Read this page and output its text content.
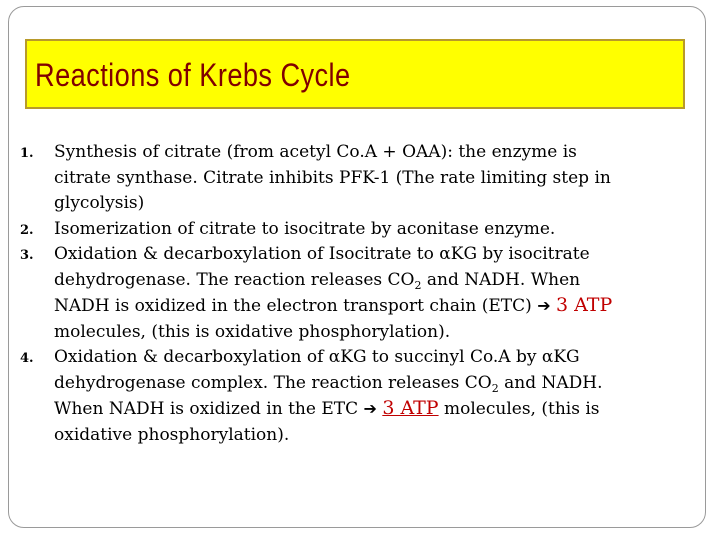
Reactions of Krebs Cycle
1. Synthesis of citrate (from acetyl Co.A + OAA): the enzyme is
citrate synthase. Citrate inhibits PFK-1 (The rate limiting step in
glycolysis)
2. Isomerization of citrate to isocitrate by aconitase enzyme.
3. Oxidation & decarboxylation of Isocitrate to αKG by isocitrate
dehydrogenase. The reaction releases $CO_2$ and NADH. When
NADH is oxidized in the electron transport chain (ETC) ➔ 3 ATP
molecules, (this is oxidative phosphorylation).
4. Oxidation & decarboxylation of αKG to succinyl Co.A by αKG
dehydrogenase complex. The reaction releases $CO_2$ and NADH.
When NADH is oxidized in the ETC ➔ 3 ATP molecules, (this is
oxidative phosphorylation).
